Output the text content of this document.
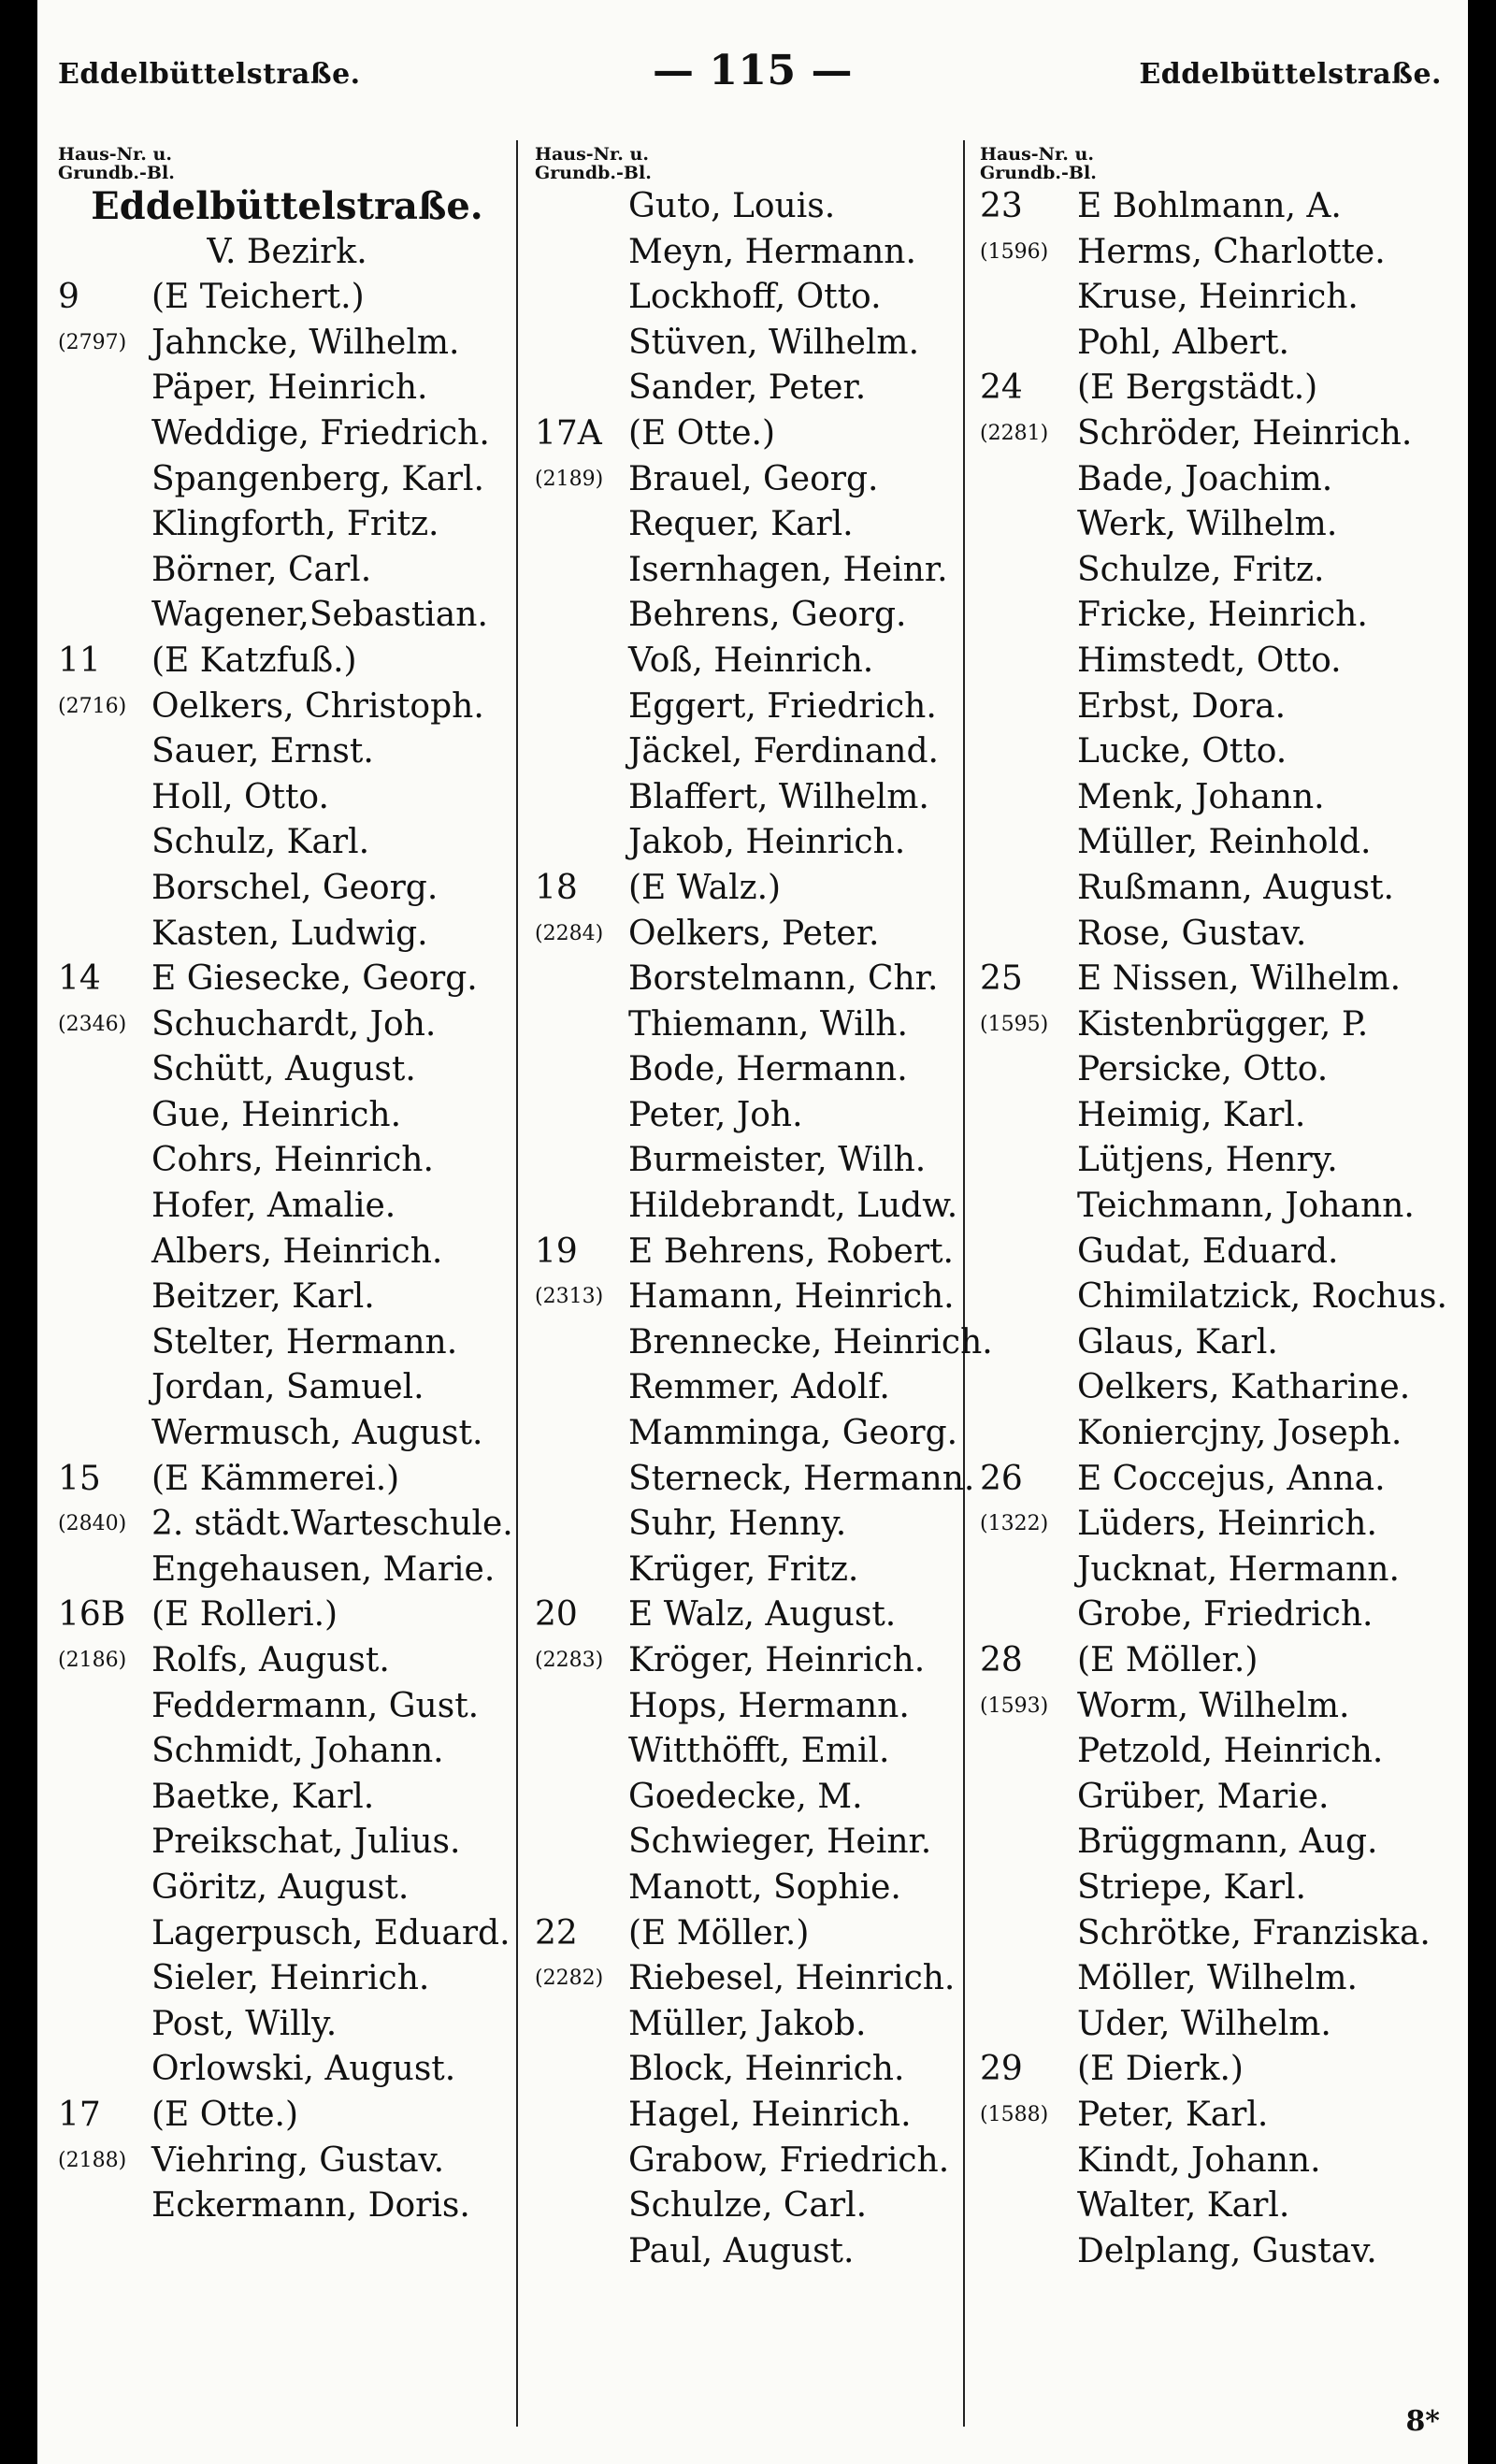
Eddelbüttelstraße.	— 115 —	Eddelbüttelstraße.
Haus-Nr. u.
Grundb.-Bl.
Eddelbüttelstraße.
V. Bezirk.
9 (E Teichert.)
(2797) Jahncke, Wilhelm.
Päper, Heinrich.
Weddige, Friedrich.
Spangenberg, Karl.
Klingforth, Fritz.
Börner, Carl.
Wagener,Sebastian.
11 (E Katzfuß.)
(2716) Oelkers, Christoph.
Sauer, Ernst.
Holl, Otto.
Schulz, Karl.
Borschel, Georg.
Kasten, Ludwig.
14 E Giesecke, Georg.
(2346) Schuchardt, Joh.
Schütt, August.
Gue, Heinrich.
Cohrs, Heinrich.
Hofer, Amalie.
Albers, Heinrich.
Beitzer, Karl.
Stelter, Hermann.
Jordan, Samuel.
Wermusch, August.
15 (E Kämmerei.)
(2840) 2. städt.Warteschule.
Engehausen, Marie.
16B (E Rolleri.)
(2186) Rolfs, August.
Feddermann, Gust.
Schmidt, Johann.
Baetke, Karl.
Preikschat, Julius.
Göritz, August.
Lagerpusch, Eduard.
Sieler, Heinrich.
Post, Willy.
Orlowski, August.
17 (E Otte.)
(2188) Viehring, Gustav.
Eckermann, Doris.
Haus-Nr. u.
Grundb.-Bl.
Guto, Louis.
Meyn, Hermann.
Lockhoff, Otto.
Stüven, Wilhelm.
Sander, Peter.
17A (E Otte.)
(2189) Brauel, Georg.
Requer, Karl.
Isernhagen, Heinr.
Behrens, Georg.
Voß, Heinrich.
Eggert, Friedrich.
Jäckel, Ferdinand.
Blaffert, Wilhelm.
Jakob, Heinrich.
18 (E Walz.)
(2284) Oelkers, Peter.
Borstelmann, Chr.
Thiemann, Wilh.
Bode, Hermann.
Peter, Joh.
Burmeister, Wilh.
Hildebrandt, Ludw.
19 E Behrens, Robert.
(2313) Hamann, Heinrich.
Brennecke, Heinrich.
Remmer, Adolf.
Mamminga, Georg.
Sterneck, Hermann.
Suhr, Henny.
Krüger, Fritz.
20 E Walz, August.
(2283) Kröger, Heinrich.
Hops, Hermann.
Witthöfft, Emil.
Goedecke, M.
Schwieger, Heinr.
Manott, Sophie.
22 (E Möller.)
(2282) Riebesel, Heinrich.
Müller, Jakob.
Block, Heinrich.
Hagel, Heinrich.
Grabow, Friedrich.
Schulze, Carl.
Paul, August.
Haus-Nr. u.
Grundb.-Bl.
23 E Bohlmann, A.
(1596) Herms, Charlotte.
Kruse, Heinrich.
Pohl, Albert.
24 (E Bergstädt.)
(2281) Schröder, Heinrich.
Bade, Joachim.
Werk, Wilhelm.
Schulze, Fritz.
Fricke, Heinrich.
Himstedt, Otto.
Erbst, Dora.
Lucke, Otto.
Menk, Johann.
Müller, Reinhold.
Rußmann, August.
Rose, Gustav.
25 E Nissen, Wilhelm.
(1595) Kistenbrügger, P.
Persicke, Otto.
Heimig, Karl.
Lütjens, Henry.
Teichmann, Johann.
Gudat, Eduard.
Chimilatzick, Rochus.
Glaus, Karl.
Oelkers, Katharine.
Koniercjny, Joseph.
26 E Coccejus, Anna.
(1322) Lüders, Heinrich.
Jucknat, Hermann.
Grobe, Friedrich.
28 (E Möller.)
(1593) Worm, Wilhelm.
Petzold, Heinrich.
Grüber, Marie.
Brüggmann, Aug.
Striepe, Karl.
Schrötke, Franziska.
Möller, Wilhelm.
Uder, Wilhelm.
29 (E Dierk.)
(1588) Peter, Karl.
Kindt, Johann.
Walter, Karl.
Delplang, Gustav.
8*
